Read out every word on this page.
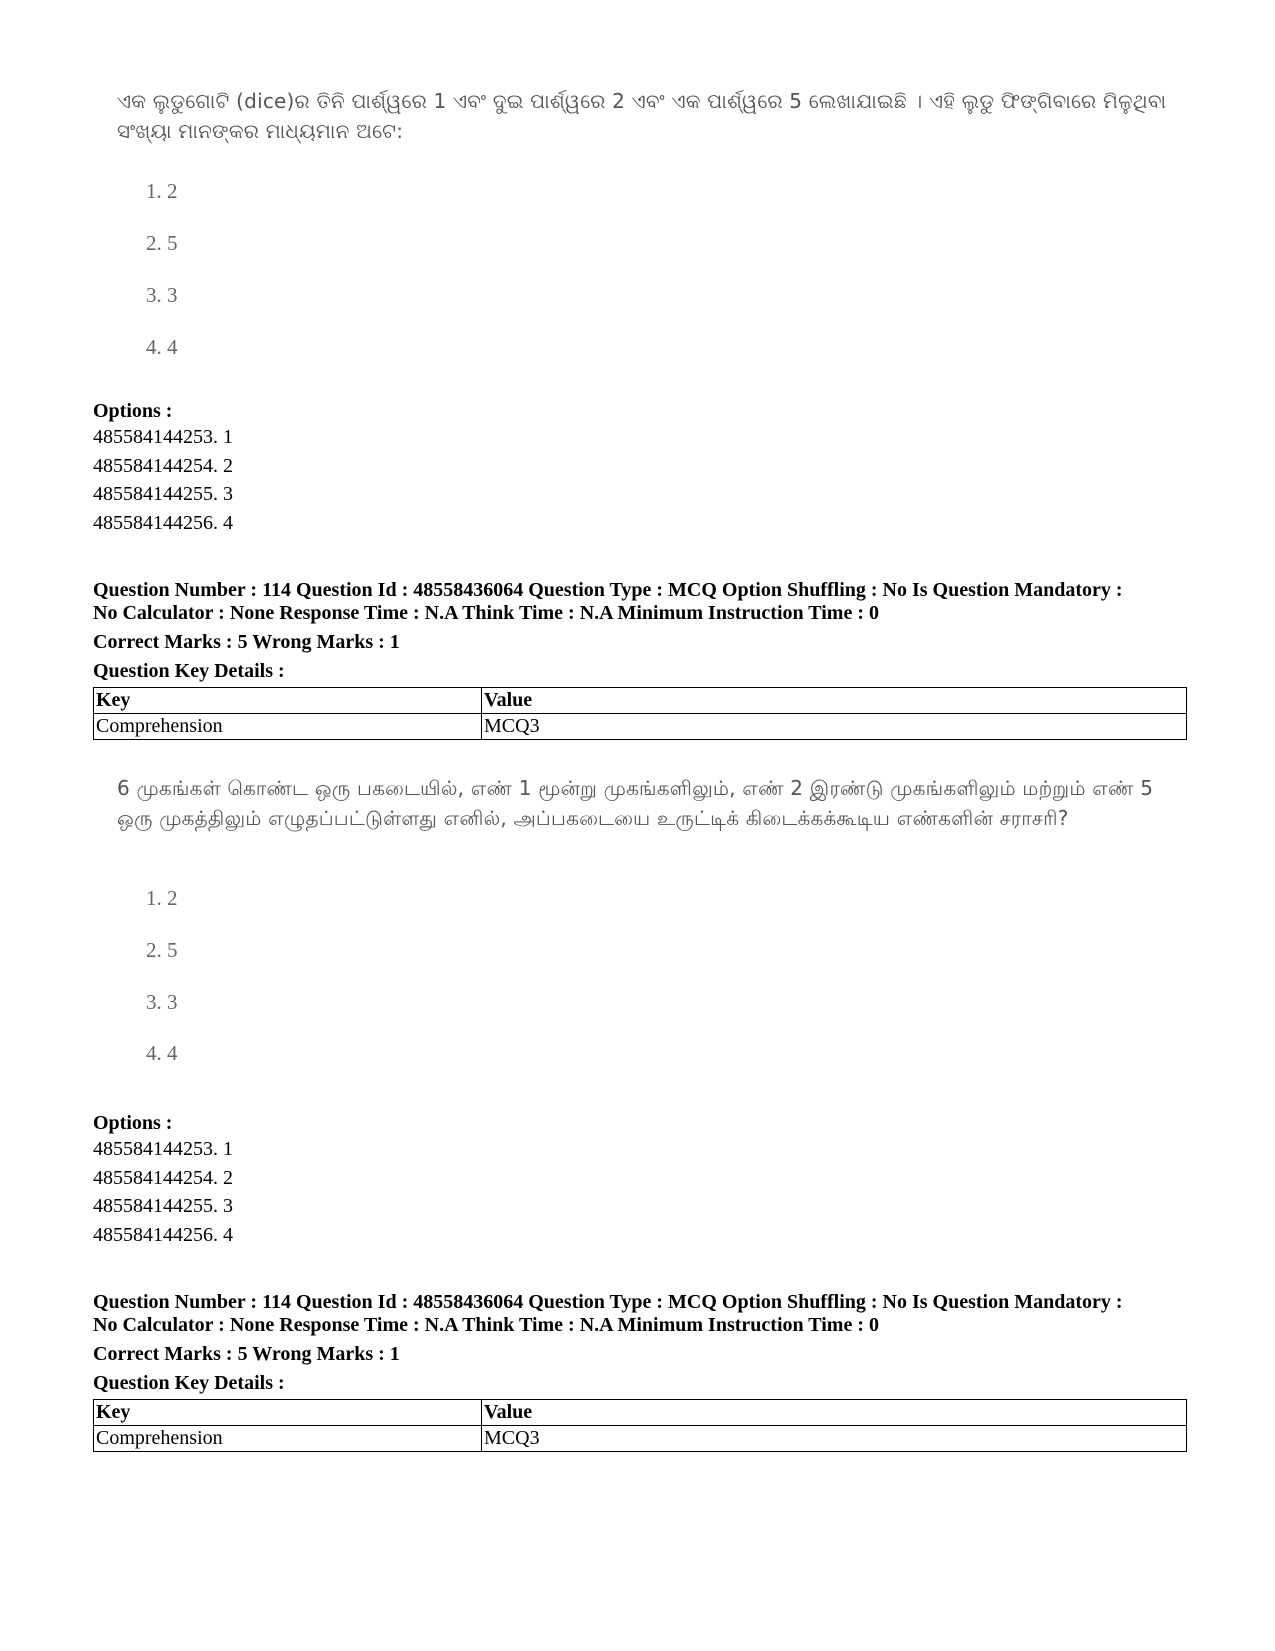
ଏକ ଲୁଡୁଗୋଟି (dice)ର ତିନି ପାର୍ଶ୍ୱରେ 1 ଏବଂ ଦୁଇ ପାର୍ଶ୍ୱରେ 2 ଏବଂ ଏକ ପାର୍ଶ୍ୱରେ 5 ଲେଖାଯାଇଛି । ଏହି ଲୁଡୁ ଫିଙ୍ଗିବାରେ ମିଳୁଥିବା ସଂଖ୍ୟା ମାନଙ୍କର ମାଧ୍ୟମାନ ଅଟେ:
1. 2
2. 5
3. 3
4. 4
Options :
485584144253. 1
485584144254. 2
485584144255. 3
485584144256. 4
Question Number : 114 Question Id : 48558436064 Question Type : MCQ Option Shuffling : No Is Question Mandatory :
No Calculator : None Response Time : N.A Think Time : N.A Minimum Instruction Time : 0
Correct Marks : 5 Wrong Marks : 1
Question Key Details :
Key	Value
Comprehension	MCQ3
6 முகங்கள் கொண்ட ஒரு பகடையில், எண் 1 மூன்று முகங்களிலும், எண் 2 இரண்டு முகங்களிலும் மற்றும் எண் 5 ஒரு முகத்திலும் எழுதப்பட்டுள்ளது எனில், அப்பகடையை உருட்டிக் கிடைக்கக்கூடிய எண்களின் சராசரி?
1. 2
2. 5
3. 3
4. 4
Options :
485584144253. 1
485584144254. 2
485584144255. 3
485584144256. 4
Question Number : 114 Question Id : 48558436064 Question Type : MCQ Option Shuffling : No Is Question Mandatory :
No Calculator : None Response Time : N.A Think Time : N.A Minimum Instruction Time : 0
Correct Marks : 5 Wrong Marks : 1
Question Key Details :
Key	Value
Comprehension	MCQ3
